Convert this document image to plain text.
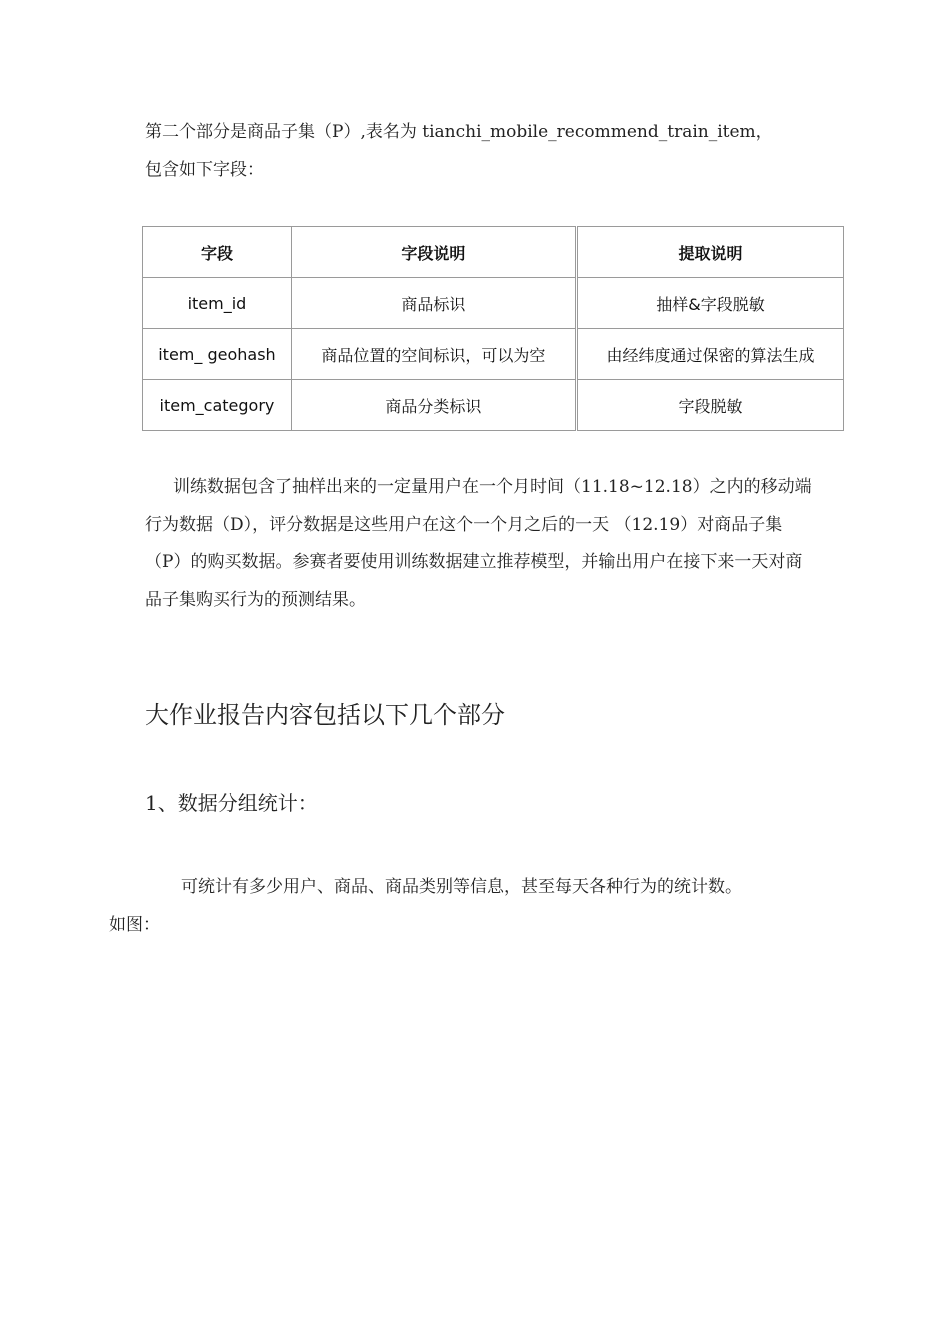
第二个部分是商品子集（P）,表名为 tianchi_mobile_recommend_train_item，
包含如下字段：

字段	字段说明	提取说明
item_id	商品标识	抽样&字段脱敏
item_ geohash	商品位置的空间标识，可以为空	由经纬度通过保密的算法生成
item_category	商品分类标识	字段脱敏

训练数据包含了抽样出来的一定量用户在一个月时间（11.18~12.18）之内的移动端行为数据（D），评分数据是这些用户在这个一个月之后的一天 （12.19）对商品子集（P）的购买数据。参赛者要使用训练数据建立推荐模型，并输出用户在接下来一天对商品子集购买行为的预测结果。

大作业报告内容包括以下几个部分
1、数据分组统计：

可统计有多少用户、商品、商品类别等信息，甚至每天各种行为的统计数。
如图：
